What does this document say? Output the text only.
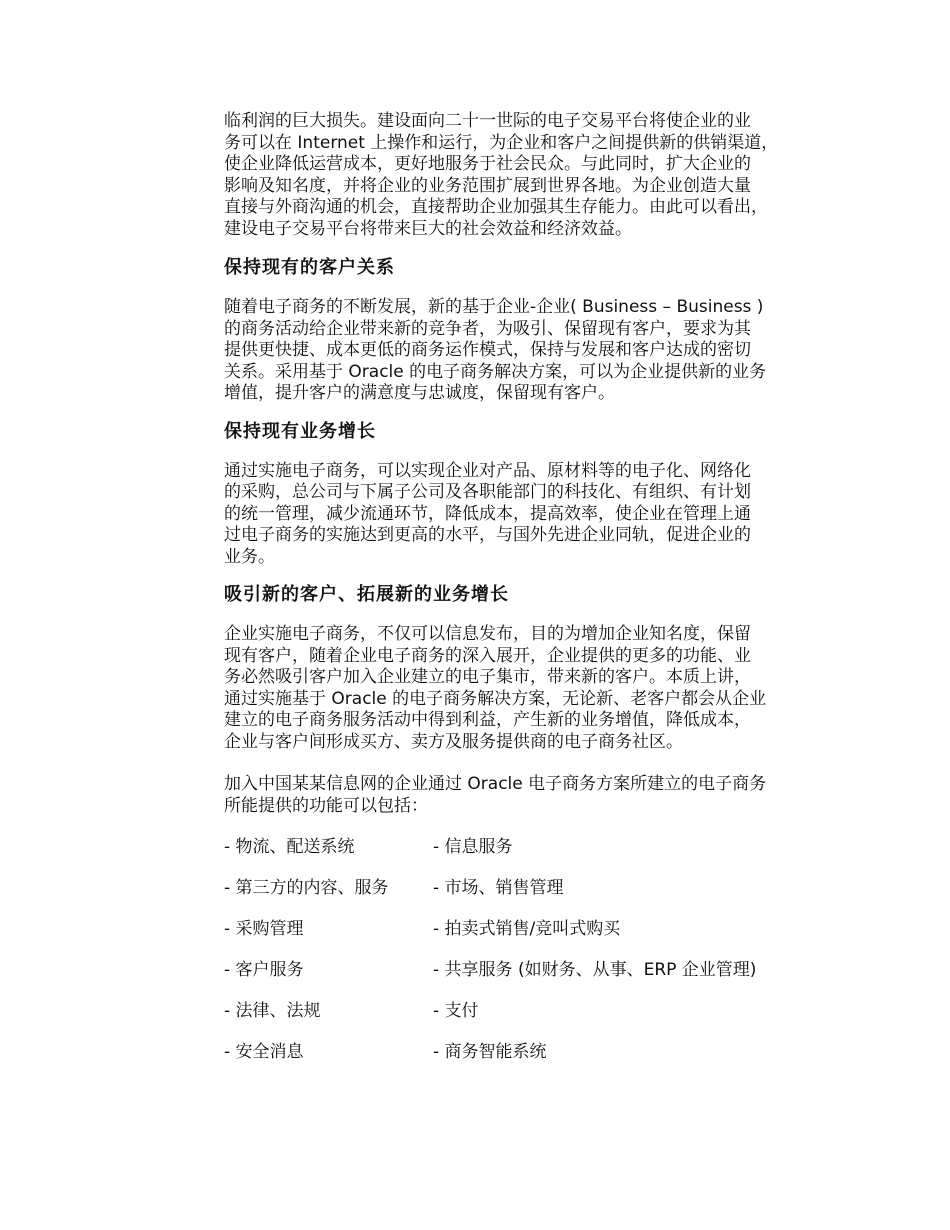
临利润的巨大损失。建设面向二十一世际的电子交易平台将使企业的业
务可以在 Internet 上操作和运行，为企业和客户之间提供新的供销渠道，
使企业降低运营成本，更好地服务于社会民众。与此同时，扩大企业的
影响及知名度，并将企业的业务范围扩展到世界各地。为企业创造大量
直接与外商沟通的机会，直接帮助企业加强其生存能力。由此可以看出，
建设电子交易平台将带来巨大的社会效益和经济效益。

保持现有的客户关系

随着电子商务的不断发展，新的基于企业-企业( Business – Business )
的商务活动给企业带来新的竞争者，为吸引、保留现有客户，要求为其
提供更快捷、成本更低的商务运作模式，保持与发展和客户达成的密切
关系。采用基于 Oracle 的电子商务解决方案，可以为企业提供新的业务
增值，提升客户的满意度与忠诚度，保留现有客户。

保持现有业务增长

通过实施电子商务，可以实现企业对产品、原材料等的电子化、网络化
的采购，总公司与下属子公司及各职能部门的科技化、有组织、有计划
的统一管理，减少流通环节，降低成本，提高效率，使企业在管理上通
过电子商务的实施达到更高的水平，与国外先进企业同轨，促进企业的
业务。

吸引新的客户、拓展新的业务增长

企业实施电子商务，不仅可以信息发布，目的为增加企业知名度，保留
现有客户，随着企业电子商务的深入展开，企业提供的更多的功能、业
务必然吸引客户加入企业建立的电子集市，带来新的客户。本质上讲，
通过实施基于 Oracle 的电子商务解决方案，无论新、老客户都会从企业
建立的电子商务服务活动中得到利益，产生新的业务增值，降低成本，
企业与客户间形成买方、卖方及服务提供商的电子商务社区。

加入中国某某信息网的企业通过 Oracle 电子商务方案所建立的电子商务
所能提供的功能可以包括：

- 物流、配送系统	- 信息服务
- 第三方的内容、服务	- 市场、销售管理
- 采购管理	- 拍卖式销售/竞叫式购买
- 客户服务	- 共享服务 (如财务、从事、ERP 企业管理)
- 法律、法规	- 支付
- 安全消息	- 商务智能系统
